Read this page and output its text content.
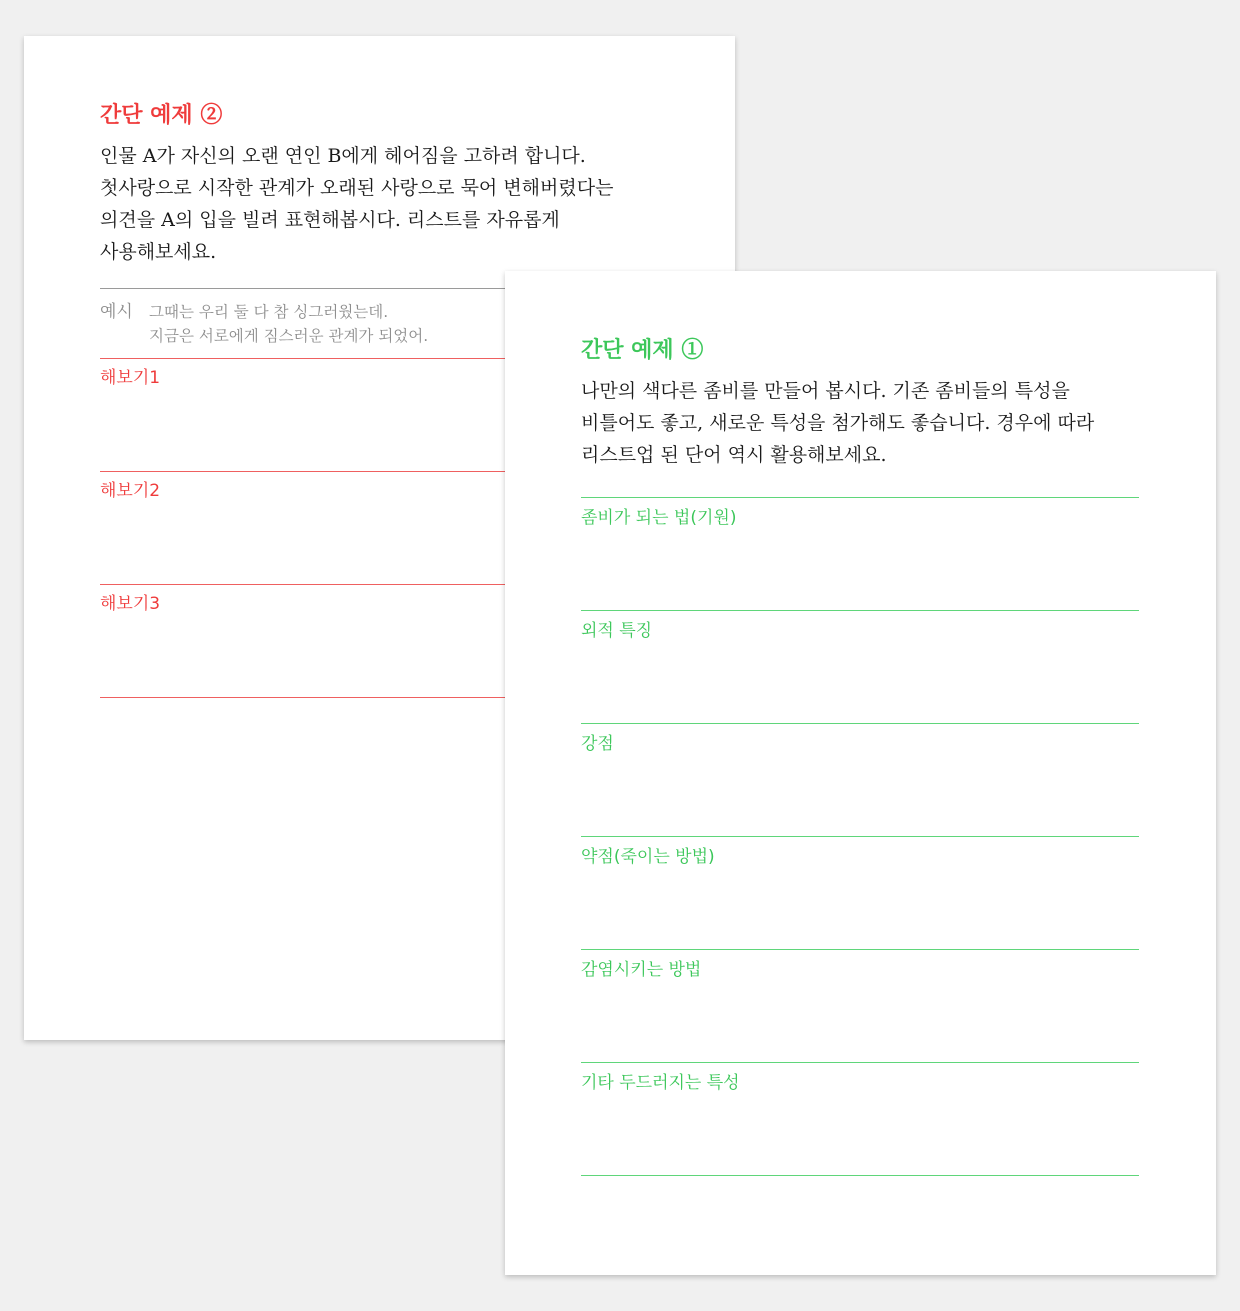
간단 예제 ②

인물 A가 자신의 오랜 연인 B에게 헤어짐을 고하려 합니다.
첫사랑으로 시작한 관계가 오래된 사랑으로 묵어 변해버렸다는
의견을 A의 입을 빌려 표현해봅시다. 리스트를 자유롭게
사용해보세요.

예시	그때는 우리 둘 다 참 싱그러웠는데.
지금은 서로에게 짐스러운 관계가 되었어.
해보기1
해보기2
해보기3
간단 예제 ①

나만의 색다른 좀비를 만들어 봅시다. 기존 좀비들의 특성을
비틀어도 좋고, 새로운 특성을 첨가해도 좋습니다. 경우에 따라
리스트업 된 단어 역시 활용해보세요.

좀비가 되는 법(기원)
외적 특징
강점
약점(죽이는 방법)
감염시키는 방법
기타 두드러지는 특성
